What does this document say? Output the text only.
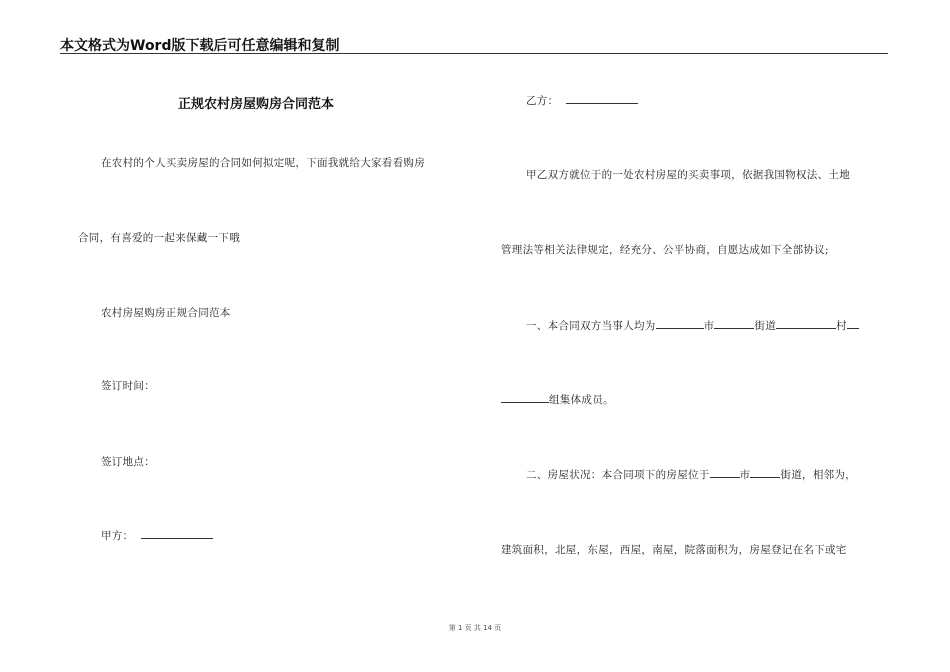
本文格式为Word版下载后可任意编辑和复制
正规农村房屋购房合同范本
在农村的个人买卖房屋的合同如何拟定呢，下面我就给大家看看购房
合同，有喜爱的一起来保藏一下哦
农村房屋购房正规合同范本
签订时间：
签订地点：
甲方：
乙方：
甲乙双方就位于的一处农村房屋的买卖事项，依据我国物权法、土地
管理法等相关法律规定，经充分、公平协商，自愿达成如下全部协议;
一、本合同双方当事人均为	市	街道	村
组集体成员。
二、房屋状况：本合同项下的房屋位于	市	街道，相邻为，
建筑面积，北屋，东屋，西屋，南屋，院落面积为，房屋登记在名下或宅
第 1 页 共 14 页
